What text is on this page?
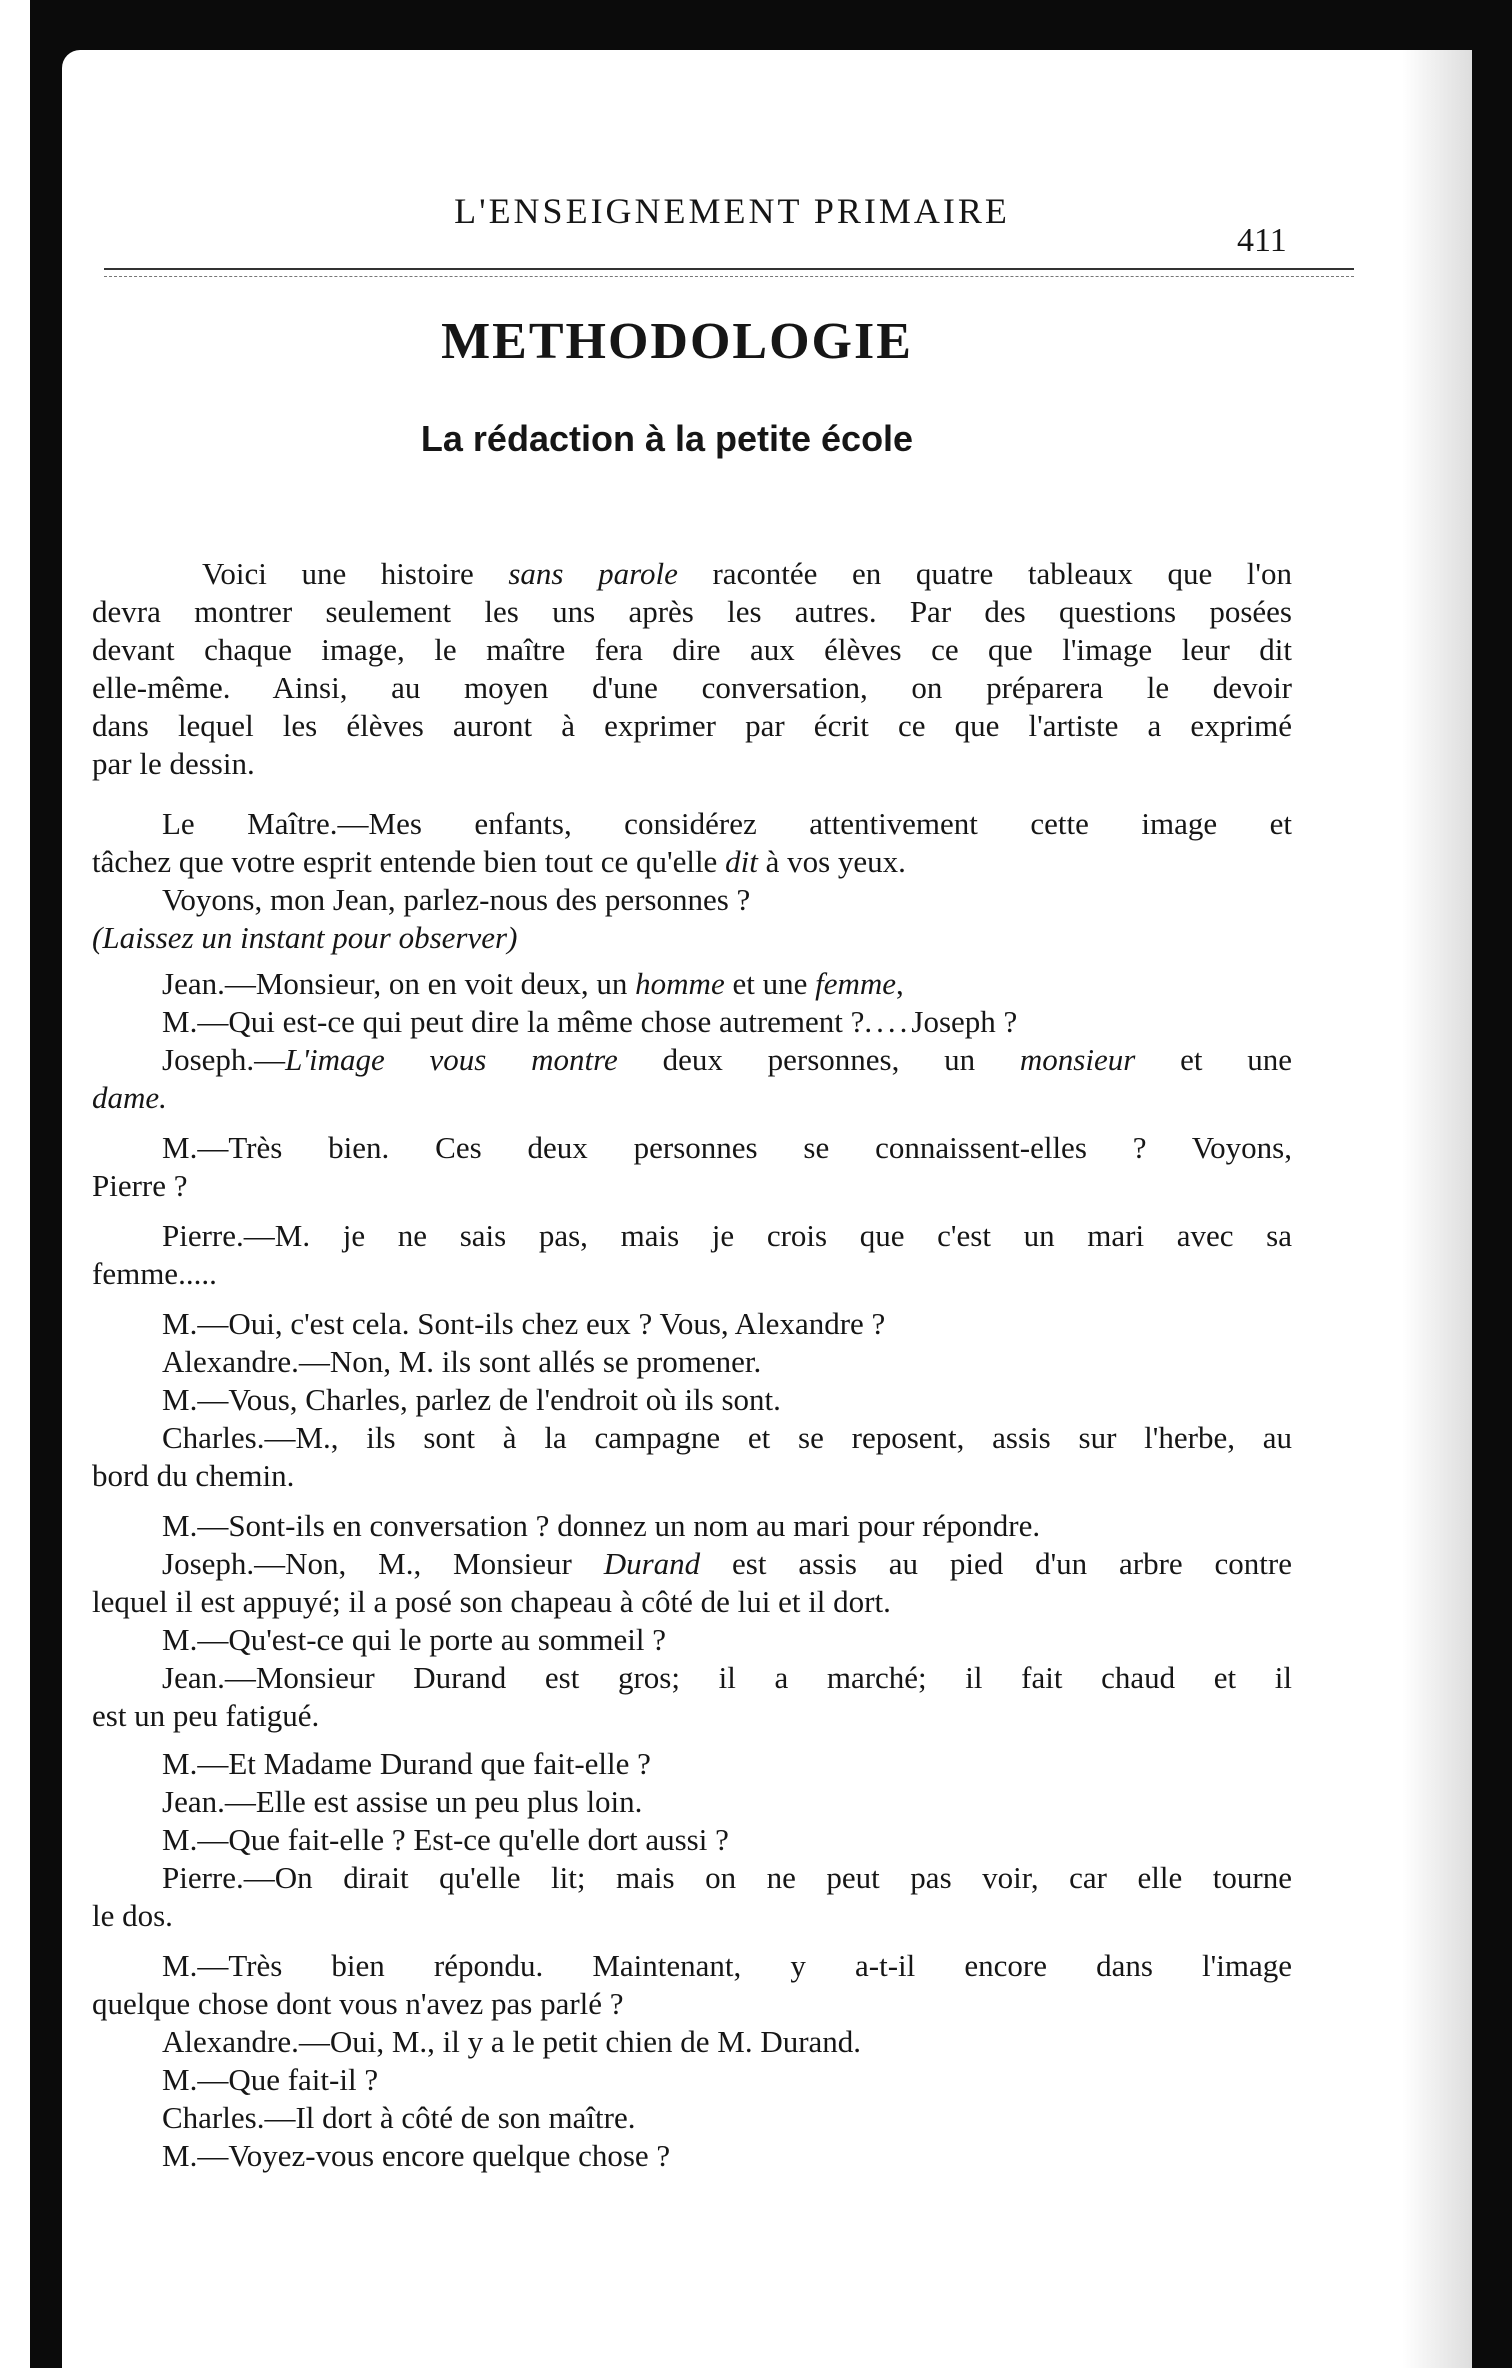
L'ENSEIGNEMENT PRIMAIRE
411
METHODOLOGIE
La rédaction à la petite école
Voici une histoire sans parole racontée en quatre tableaux que l'on
devra montrer seulement les uns après les autres. Par des questions posées
devant chaque image, le maître fera dire aux élèves ce que l'image leur dit
elle-même. Ainsi, au moyen d'une conversation, on préparera le devoir
dans lequel les élèves auront à exprimer par écrit ce que l'artiste a exprimé
par le dessin.
Le Maître.—Mes enfants, considérez attentivement cette image et
tâchez que votre esprit entende bien tout ce qu'elle dit à vos yeux.
Voyons, mon Jean, parlez-nous des personnes ?
(Laissez un instant pour observer)
Jean.—Monsieur, on en voit deux, un homme et une femme,
M.—Qui est-ce qui peut dire la même chose autrement ?....Joseph ?
Joseph.—L'image vous montre deux personnes, un monsieur et une
dame.
M.—Très bien. Ces deux personnes se connaissent-elles ? Voyons,
Pierre ?
Pierre.—M. je ne sais pas, mais je crois que c'est un mari avec sa
femme.....
M.—Oui, c'est cela. Sont-ils chez eux ? Vous, Alexandre ?
Alexandre.—Non, M. ils sont allés se promener.
M.—Vous, Charles, parlez de l'endroit où ils sont.
Charles.—M., ils sont à la campagne et se reposent, assis sur l'herbe, au
bord du chemin.
M.—Sont-ils en conversation ? donnez un nom au mari pour répondre.
Joseph.—Non, M., Monsieur Durand est assis au pied d'un arbre contre
lequel il est appuyé; il a posé son chapeau à côté de lui et il dort.
M.—Qu'est-ce qui le porte au sommeil ?
Jean.—Monsieur Durand est gros; il a marché; il fait chaud et il
est un peu fatigué.
M.—Et Madame Durand que fait-elle ?
Jean.—Elle est assise un peu plus loin.
M.—Que fait-elle ? Est-ce qu'elle dort aussi ?
Pierre.—On dirait qu'elle lit; mais on ne peut pas voir, car elle tourne
le dos.
M.—Très bien répondu. Maintenant, y a-t-il encore dans l'image
quelque chose dont vous n'avez pas parlé ?
Alexandre.—Oui, M., il y a le petit chien de M. Durand.
M.—Que fait-il ?
Charles.—Il dort à côté de son maître.
M.—Voyez-vous encore quelque chose ?
